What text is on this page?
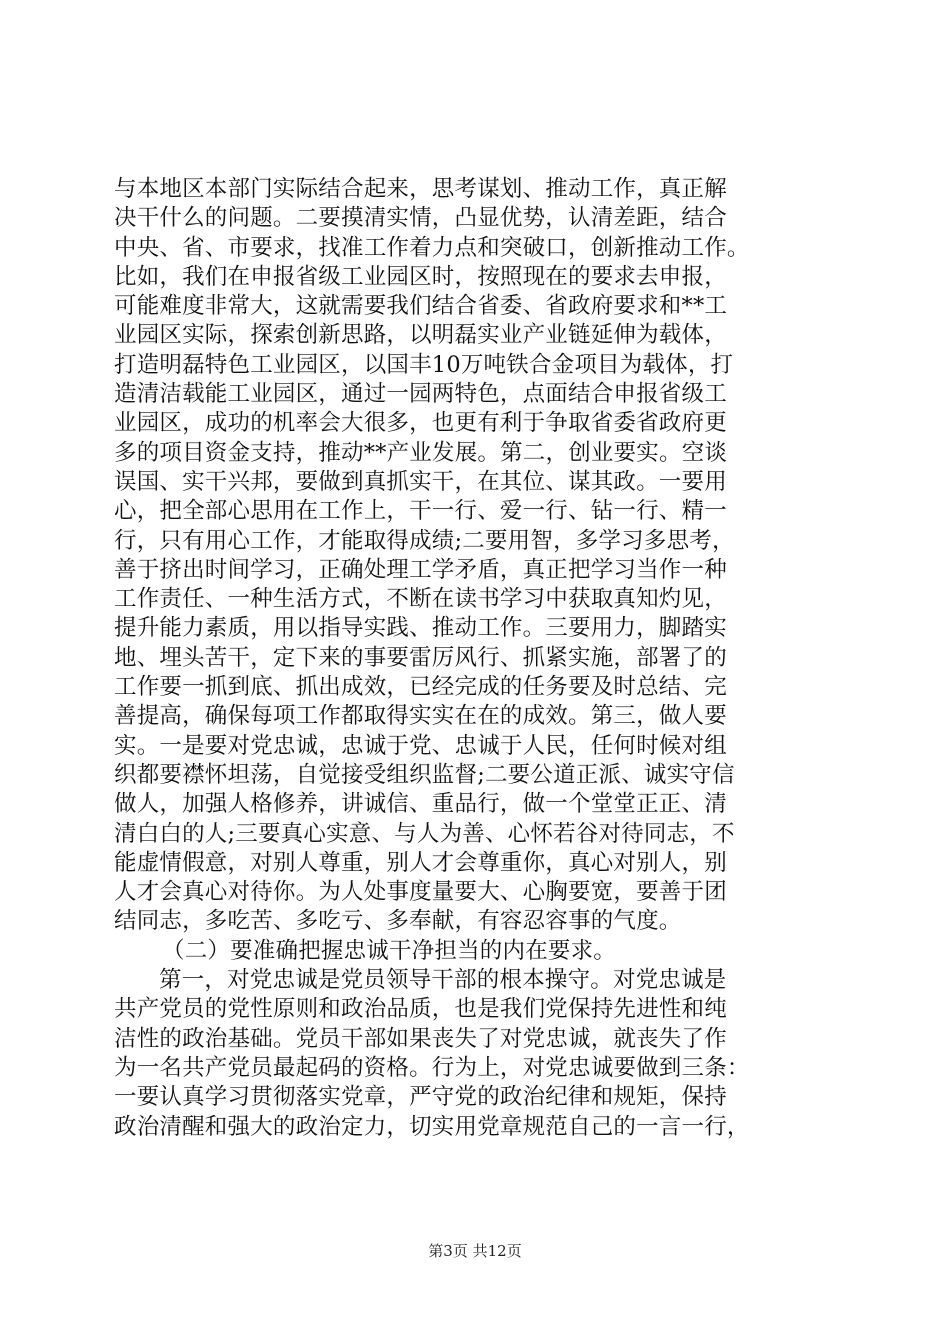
与本地区本部门实际结合起来，思考谋划、推动工作，真正解
决干什么的问题。二要摸清实情，凸显优势，认清差距，结合
中央、省、市要求，找准工作着力点和突破口，创新推动工作。
比如，我们在申报省级工业园区时，按照现在的要求去申报，
可能难度非常大，这就需要我们结合省委、省政府要求和**工
业园区实际，探索创新思路，以明磊实业产业链延伸为载体，
打造明磊特色工业园区，以国丰10万吨铁合金项目为载体，打
造清洁载能工业园区，通过一园两特色，点面结合申报省级工
业园区，成功的机率会大很多，也更有利于争取省委省政府更
多的项目资金支持，推动**产业发展。第二，创业要实。空谈
误国、实干兴邦，要做到真抓实干，在其位、谋其政。一要用
心，把全部心思用在工作上，干一行、爱一行、钻一行、精一
行，只有用心工作，才能取得成绩;二要用智，多学习多思考，
善于挤出时间学习，正确处理工学矛盾，真正把学习当作一种
工作责任、一种生活方式，不断在读书学习中获取真知灼见，
提升能力素质，用以指导实践、推动工作。三要用力，脚踏实
地、埋头苦干，定下来的事要雷厉风行、抓紧实施，部署了的
工作要一抓到底、抓出成效，已经完成的任务要及时总结、完
善提高，确保每项工作都取得实实在在的成效。第三，做人要
实。一是要对党忠诚，忠诚于党、忠诚于人民，任何时候对组
织都要襟怀坦荡，自觉接受组织监督;二要公道正派、诚实守信
做人，加强人格修养，讲诚信、重品行，做一个堂堂正正、清
清白白的人;三要真心实意、与人为善、心怀若谷对待同志，不
能虚情假意，对别人尊重，别人才会尊重你，真心对别人，别
人才会真心对待你。为人处事度量要大、心胸要宽，要善于团
结同志，多吃苦、多吃亏、多奉献，有容忍容事的气度。
（二）要准确把握忠诚干净担当的内在要求。
第一，对党忠诚是党员领导干部的根本操守。对党忠诚是
共产党员的党性原则和政治品质，也是我们党保持先进性和纯
洁性的政治基础。党员干部如果丧失了对党忠诚，就丧失了作
为一名共产党员最起码的资格。行为上，对党忠诚要做到三条：
一要认真学习贯彻落实党章，严守党的政治纪律和规矩，保持
政治清醒和强大的政治定力，切实用党章规范自己的一言一行，
第3页 共12页
